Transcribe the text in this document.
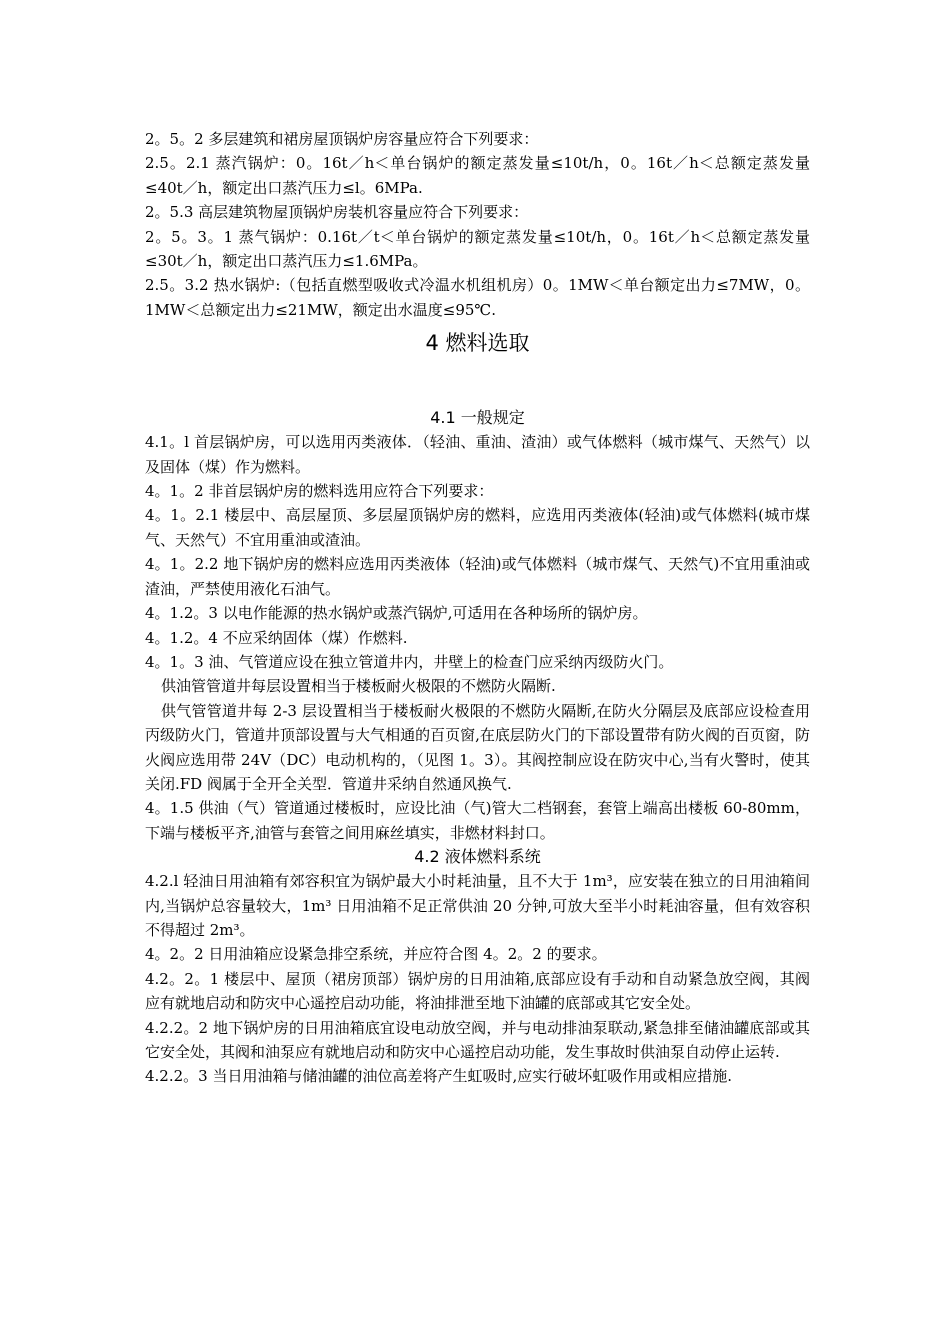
2。5。2 多层建筑和裙房屋顶锅炉房容量应符合下列要求：

2.5。2.1 蒸汽锅炉：0。16t／h＜单台锅炉的额定蒸发量≤10t/h，0。16t／h＜总额定蒸发量≤40t／h，额定出口蒸汽压力≤l。6MPa.

2。5.3 高层建筑物屋顶锅炉房装机容量应符合下列要求：

2。5。3。1 蒸气锅炉：0.16t／t＜单台锅炉的额定蒸发量≤10t/h，0。16t／h＜总额定蒸发量≤30t／h，额定出口蒸汽压力≤1.6MPa。

2.5。3.2 热水锅炉:（包括直燃型吸收式冷温水机组机房）0。1MW＜单台额定出力≤7MW，0。1MW＜总额定出力≤21MW，额定出水温度≤95℃.

4 燃料选取
4.1 一般规定

4.1。l 首层锅炉房，可以选用丙类液体．（轻油、重油、渣油）或气体燃料（城市煤气、天然气）以及固体（煤）作为燃料。

4。1。2 非首层锅炉房的燃料选用应符合下列要求：

4。1。2.1 楼层中、高层屋顶、多层屋顶锅炉房的燃料，应选用丙类液体(轻油)或气体燃料(城市煤气、天然气）不宜用重油或渣油。

4。1。2.2 地下锅炉房的燃料应选用丙类液体（轻油)或气体燃料（城市煤气、天然气)不宜用重油或渣油，严禁使用液化石油气。

4。1.2。3 以电作能源的热水锅炉或蒸汽锅炉,可适用在各种场所的锅炉房。

4。1.2。4 不应采纳固体（煤）作燃料.

4。1。3 油、气管道应设在独立管道井内，井壁上的检查门应采纳丙级防火门。

供油管管道井每层设置相当于楼板耐火极限的不燃防火隔断.

供气管管道井每 2-3 层设置相当于楼板耐火极限的不燃防火隔断,在防火分隔层及底部应设检查用丙级防火门，管道井顶部设置与大气相通的百页窗,在底层防火门的下部设置带有防火阀的百页窗，防火阀应选用带 24V（DC）电动机构的，（见图 1。3）。其阀控制应设在防灾中心,当有火警时，使其关闭.FD 阀属于全开全关型．管道井采纳自然通风换气.

4。1.5 供油（气）管道通过楼板时，应设比油（气)管大二档钢套，套管上端高出楼板 60-80mm，下端与楼板平齐,油管与套管之间用麻丝填实，非燃材料封口。

4.2 液体燃料系统

4.2.l 轻油日用油箱有郊容积宜为锅炉最大小时耗油量，且不大于 1m³，应安装在独立的日用油箱间内,当锅炉总容量较大，1m³ 日用油箱不足正常供油 20 分钟,可放大至半小时耗油容量，但有效容积不得超过 2m³。

4。2。2 日用油箱应设紧急排空系统，并应符合图 4。2。2 的要求。

4.2。2。1 楼层中、屋顶（裙房顶部）锅炉房的日用油箱,底部应设有手动和自动紧急放空阀，其阀应有就地启动和防灾中心遥控启动功能，将油排泄至地下油罐的底部或其它安全处。

4.2.2。2 地下锅炉房的日用油箱底宜设电动放空阀，并与电动排油泵联动,紧急排至储油罐底部或其它安全处，其阀和油泵应有就地启动和防灾中心遥控启动功能，发生事故时供油泵自动停止运转.

4.2.2。3 当日用油箱与储油罐的油位高差将产生虹吸时,应实行破坏虹吸作用或相应措施.
